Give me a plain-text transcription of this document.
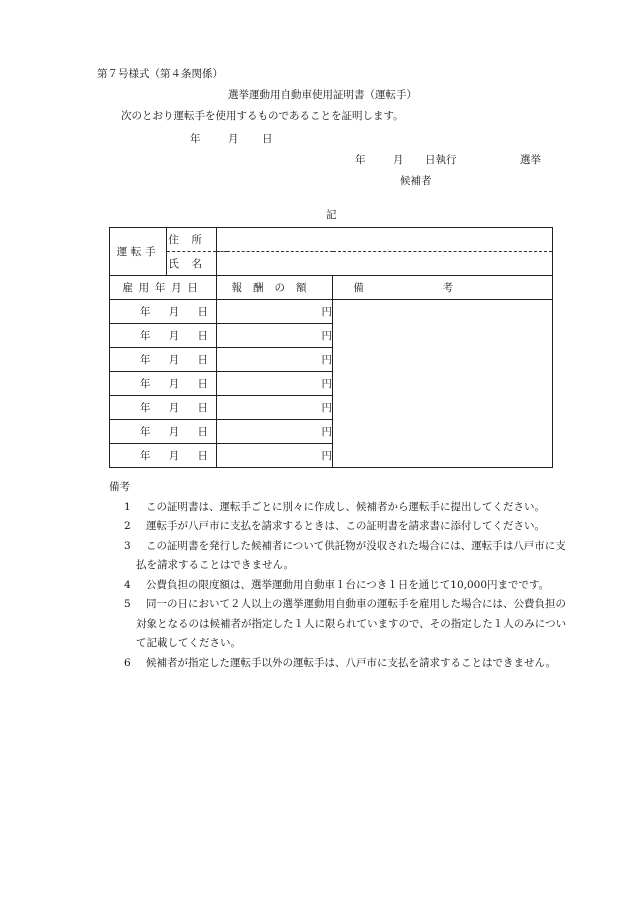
第７号様式（第４条関係）
選挙運動用自動車使用証明書（運転手）
次のとおり運転手を使用するものであることを証明します。
年	月 日
年	月 日執行	選挙
候補者
記
運転手	住所		
	氏名		
雇用年月日		報酬の額	備考

年 月 日		円	

年 月 日		円	

年 月 日		円	

年 月 日		円	

年 月 日		円	

年 月 日		円	

年 月 日		円	
備考
1 この証明書は、運転手ごとに別々に作成し、候補者から運転手に提出してください。
2 運転手が八戸市に支払を請求するときは、この証明書を請求書に添付してください。
3 この証明書を発行した候補者について供託物が没収された場合には、運転手は八戸市に支払を請求することはできません。
4 公費負担の限度額は、選挙運動用自動車１台につき１日を通じて10,000円までです。
5 同一の日において２人以上の選挙運動用自動車の運転手を雇用した場合には、公費負担の対象となるのは候補者が指定した１人に限られていますので、その指定した１人のみについて記載してください。
6 候補者が指定した運転手以外の運転手は、八戸市に支払を請求することはできません。
